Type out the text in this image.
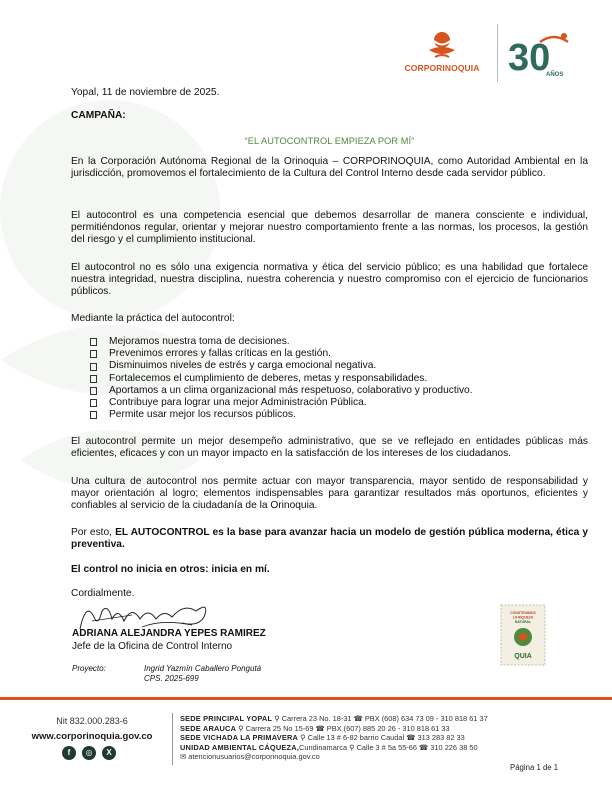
CORPORINOQUIA 30
AÑOS

Yopal, 11 de noviembre de 2025.

CAMPAÑA:

“EL AUTOCONTROL EMPIEZA POR MÍ”

En la Corporación Autónoma Regional de la Orinoquia – CORPORINOQUIA, como Autoridad Ambiental en la jurisdicción, promovemos el fortalecimiento de la Cultura del Control Interno desde cada servidor público.

El autocontrol es una competencia esencial que debemos desarrollar de manera consciente e individual, permitiéndonos regular, orientar y mejorar nuestro comportamiento frente a las normas, los procesos, la gestión del riesgo y el cumplimiento institucional.

El autocontrol no es sólo una exigencia normativa y ética del servicio público; es una habilidad que fortalece nuestra integridad, nuestra disciplina, nuestra coherencia y nuestro compromiso con el ejercicio de funcionarios públicos.

Mediante la práctica del autocontrol:

Mejoramos nuestra toma de decisiones.
Prevenimos errores y fallas críticas en la gestión.
Disminuimos niveles de estrés y carga emocional negativa.
Fortalecemos el cumplimiento de deberes, metas y responsabilidades.
Aportamos a un clima organizacional más respetuoso, colaborativo y productivo.
Contribuye para lograr una mejor Administración Pública.
Permite usar mejor los recursos públicos.

El autocontrol permite un mejor desempeño administrativo, que se ve reflejado en entidades públicas más eficientes, eficaces y con un mayor impacto en la satisfacción de los intereses de los ciudadanos.

Una cultura de autocontrol nos permite actuar con mayor transparencia, mayor sentido de responsabilidad y mayor orientación al logro; elementos indispensables para garantizar resultados más oportunos, eficientes y confiables al servicio de la ciudadanía de la Orinoquia.

Por esto, EL AUTOCONTROL es la base para avanzar hacia un modelo de gestión pública moderna, ética y preventiva.

El control no inicia en otros: inicia en mí.

Cordialmente.

ADRIANA ALEJANDRA YEPES RAMIREZ
Jefe de la Oficina de Control Interno
Proyecto:	Ingrid Yazmín Caballero Pongutá
CPS. 2025-699
CONSTRUIMOS
LA RIQUEZA
NATURAL
QUIA
Nit 832.000.283-6
www.corporinoquia.gov.co
f	◎	X
SEDE PRINCIPAL YOPAL ⚲ Carrera 23 No. 18-31 ☎ PBX (608) 634 73 09 - 310 818 61 37
SEDE ARAUCA ⚲ Carrera 25 No 15-69 ☎ PBX (607) 885 20 26 - 310 818 61 33
SEDE VICHADA LA PRIMAVERA ⚲ Calle 13 # 6-82 barrio Caudal ☎ 313 283 82 33
UNIDAD AMBIENTAL CÁQUEZA,Cundinamarca ⚲ Calle 3 # 5a 55-66 ☎ 310 226 38 50
✉ atencionusuarios@corporinoquia.gov.co
Página 1 de 1
